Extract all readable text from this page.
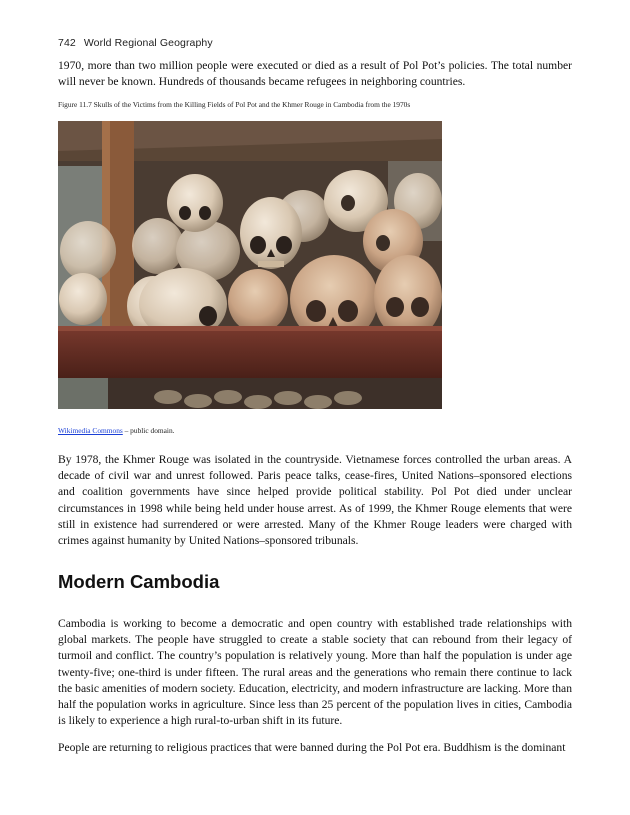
742 World Regional Geography

1970, more than two million people were executed or died as a result of Pol Pot’s policies. The total number will never be known. Hundreds of thousands became refugees in neighboring countries.

Figure 11.7 Skulls of the Victims from the Killing Fields of Pol Pot and the Khmer Rouge in Cambodia from the 1970s
Wikimedia Commons – public domain.

By 1978, the Khmer Rouge was isolated in the countryside. Vietnamese forces controlled the urban areas. A decade of civil war and unrest followed. Paris peace talks, cease-fires, United Nations–sponsored elections and coalition governments have since helped provide political stability. Pol Pot died under unclear circumstances in 1998 while being held under house arrest. As of 1999, the Khmer Rouge elements that were still in existence had surrendered or were arrested. Many of the Khmer Rouge leaders were charged with crimes against humanity by United Nations–sponsored tribunals.

Modern Cambodia

Cambodia is working to become a democratic and open country with established trade relationships with global markets. The people have struggled to create a stable society that can rebound from their legacy of turmoil and conflict. The country’s population is relatively young. More than half the population is under age twenty-five; one-third is under fifteen. The rural areas and the generations who remain there continue to lack the basic amenities of modern society. Education, electricity, and modern infrastructure are lacking. More than half the population works in agriculture. Since less than 25 percent of the population lives in cities, Cambodia is likely to experience a high rural-to-urban shift in its future.

People are returning to religious practices that were banned during the Pol Pot era. Buddhism is the dominant
